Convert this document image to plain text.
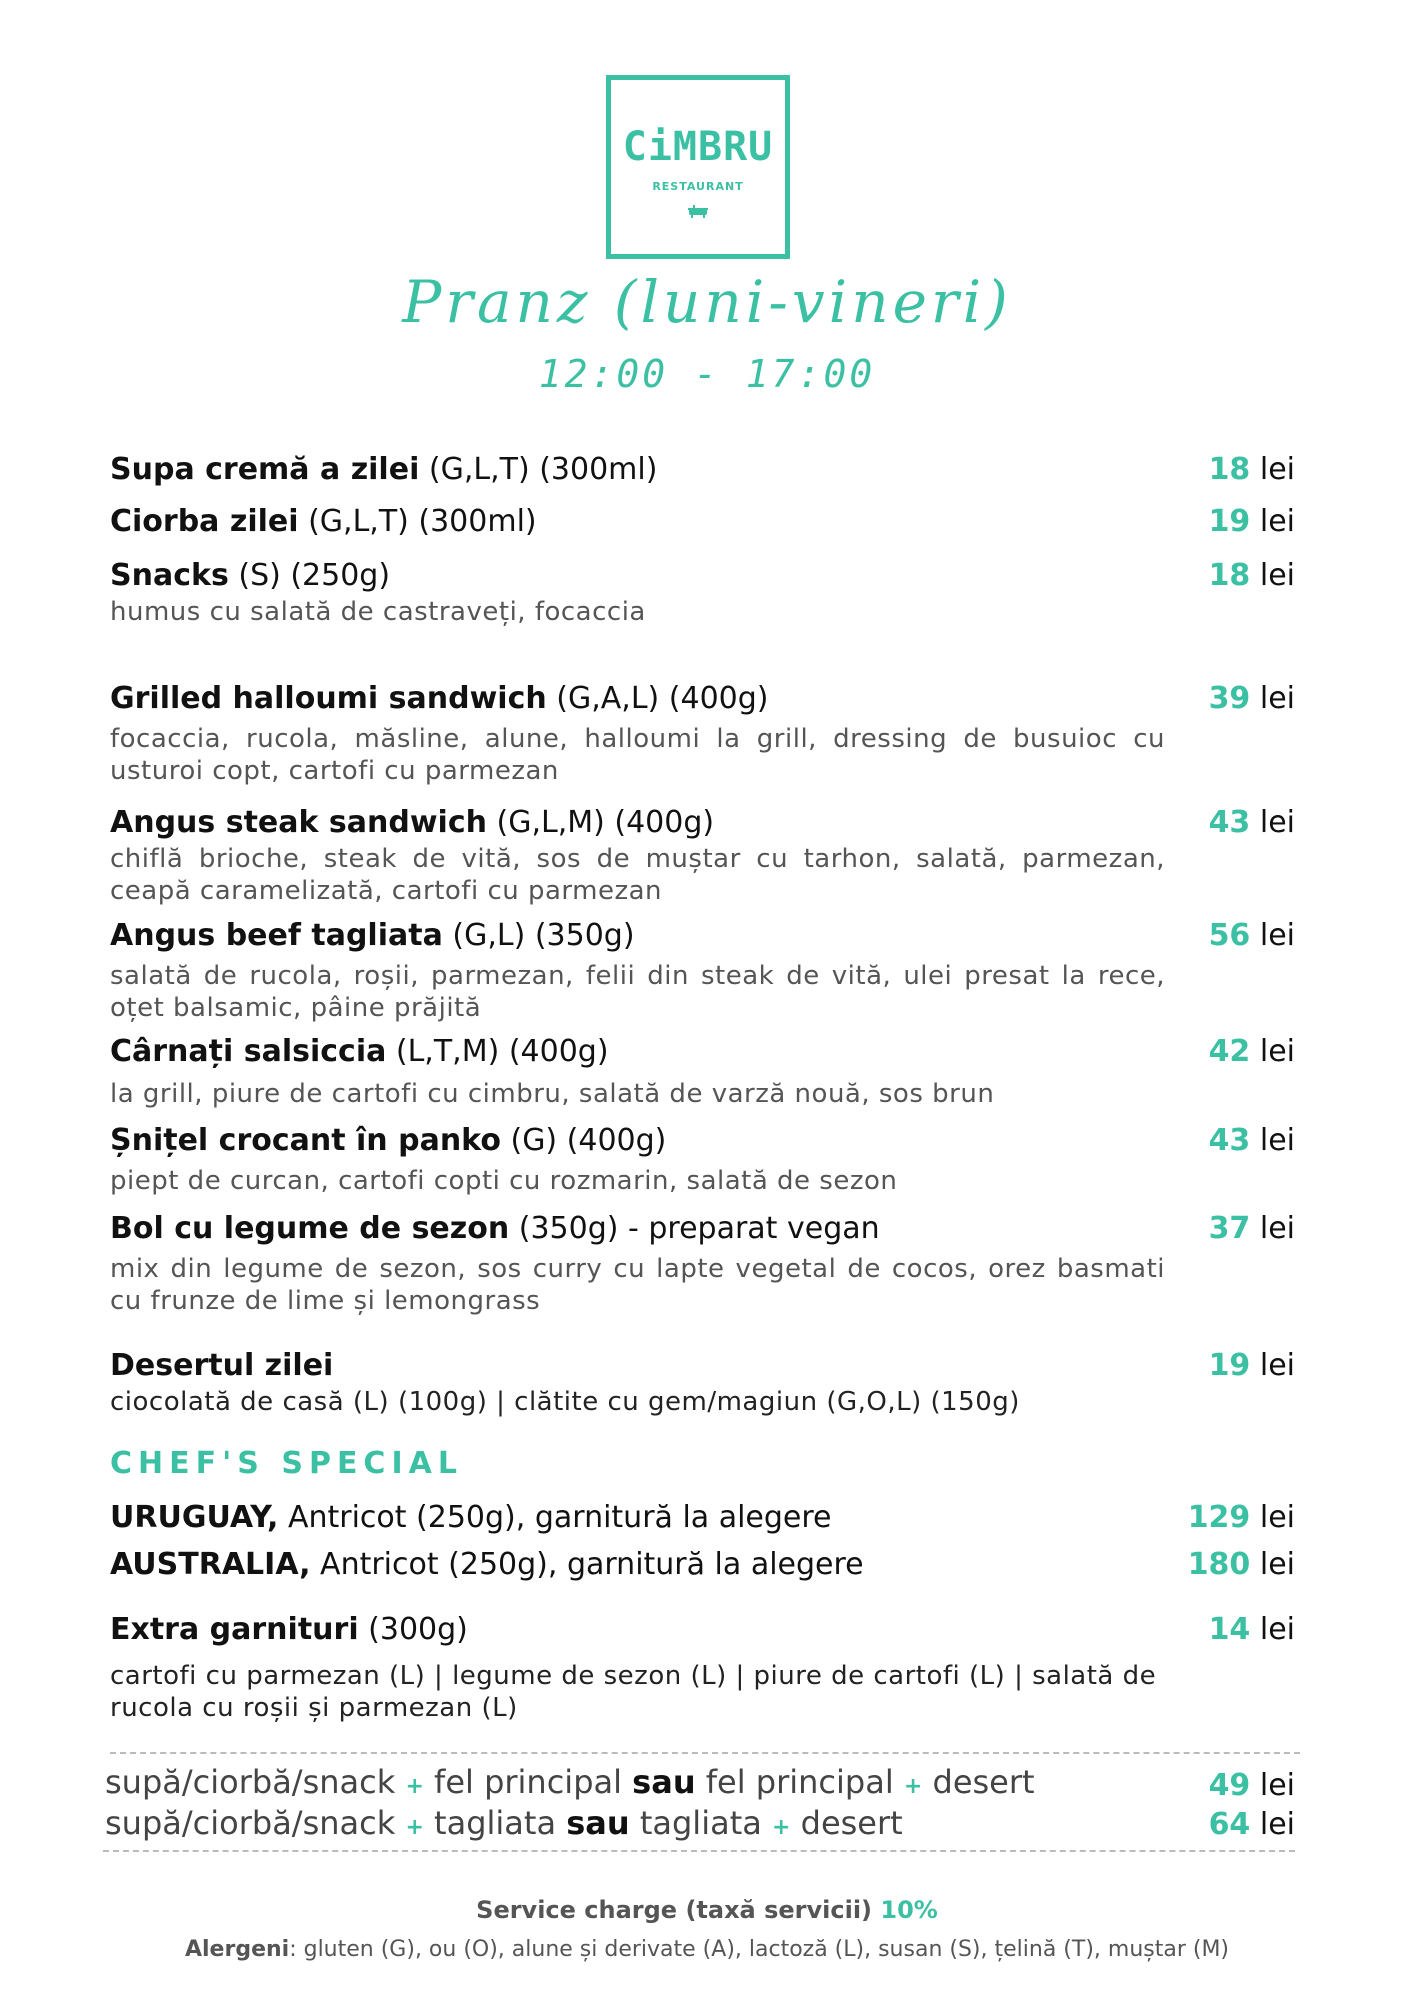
CiMBRU
RESTAURANT
Pranz (luni-vineri)
12:00 - 17:00
Supa cremă a zilei (G,L,T) (300ml)	18 lei
Ciorba zilei (G,L,T) (300ml)	19 lei
Snacks (S) (250g)	18 lei
humus cu salată de castraveți, focaccia
Grilled halloumi sandwich (G,A,L) (400g)	39 lei
focaccia, rucola, măsline, alune, halloumi la grill, dressing de busuioc cu usturoi copt, cartofi cu parmezan
Angus steak sandwich (G,L,M) (400g)	43 lei
chiflă brioche, steak de vită, sos de muștar cu tarhon, salată, parmezan, ceapă caramelizată, cartofi cu parmezan
Angus beef tagliata (G,L) (350g)	56 lei
salată de rucola, roșii, parmezan, felii din steak de vită, ulei presat la rece, oțet balsamic, pâine prăjită
Cârnați salsiccia (L,T,M) (400g)	42 lei
la grill, piure de cartofi cu cimbru, salată de varză nouă, sos brun
Șnițel crocant în panko (G) (400g)	43 lei
piept de curcan, cartofi copti cu rozmarin, salată de sezon
Bol cu legume de sezon (350g) - preparat vegan	37 lei
mix din legume de sezon, sos curry cu lapte vegetal de cocos, orez basmati cu frunze de lime și lemongrass
Desertul zilei	19 lei
ciocolată de casă (L) (100g) | clătite cu gem/magiun (G,O,L) (150g)
CHEF'S SPECIAL
URUGUAY, Antricot (250g), garnitură la alegere	129 lei
AUSTRALIA, Antricot (250g), garnitură la alegere	180 lei
Extra garnituri (300g)	14 lei
cartofi cu parmezan (L) | legume de sezon (L) | piure de cartofi (L) | salată de rucola cu roșii și parmezan (L)
supă/ciorbă/snack + fel principal sau fel principal + desert	49 lei
supă/ciorbă/snack + tagliata sau tagliata + desert	64 lei
Service charge (taxă servicii) 10%
Alergeni: gluten (G), ou (O), alune și derivate (A), lactoză (L), susan (S), țelină (T), muștar (M)
